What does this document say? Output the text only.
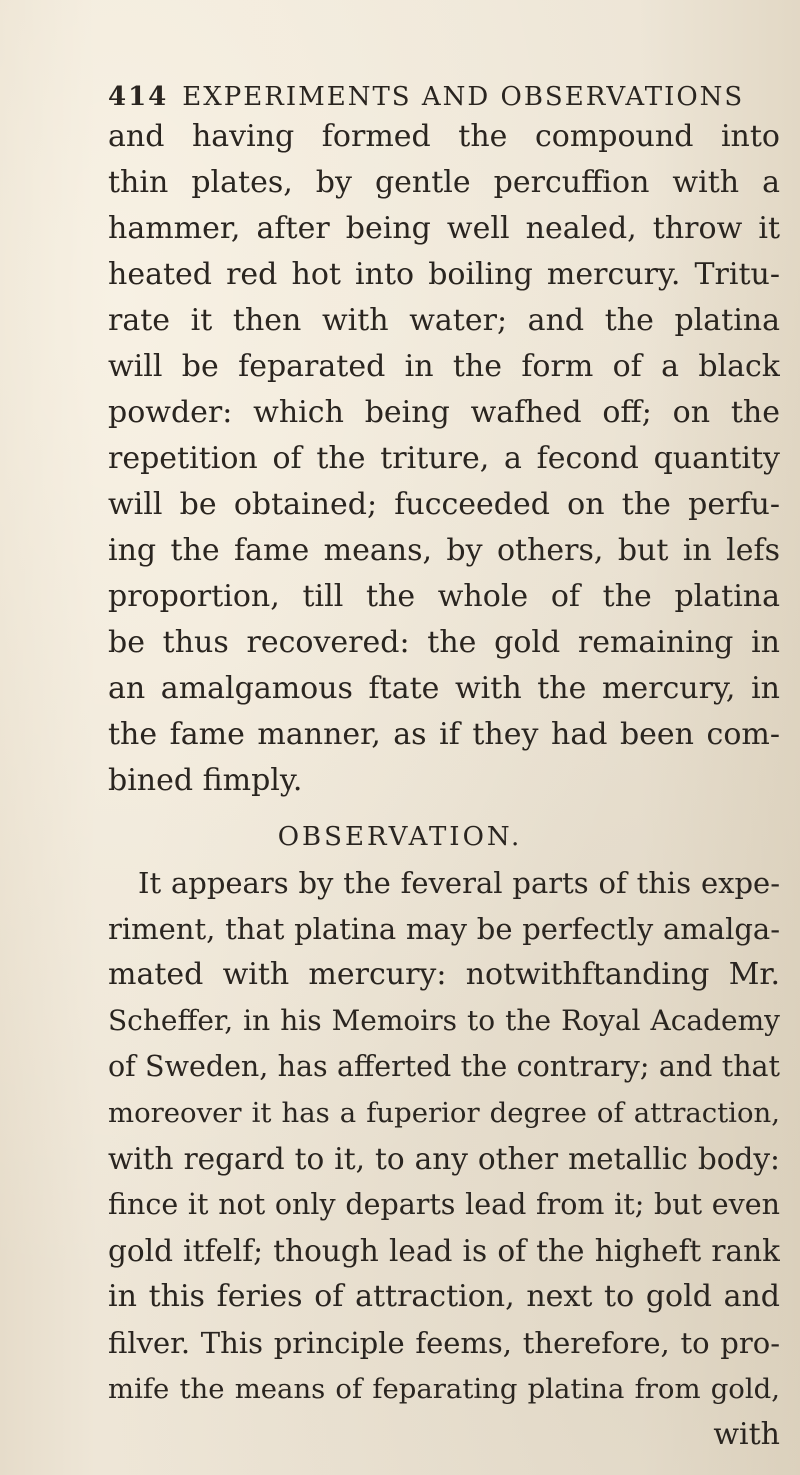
414 EXPERIMENTS AND OBSERVATIONS
and having formed the compound into
thin plates, by gentle percuffion with a
hammer, after being well nealed, throw it
heated red hot into boiling mercury. Tritu-
rate it then with water; and the platina
will be feparated in the form of a black
powder: which being wafhed off; on the
repetition of the triture, a fecond quantity
will be obtained; fucceeded on the perfu-
ing the fame means, by others, but in lefs
proportion, till the whole of the platina
be thus recovered: the gold remaining in
an amalgamous ftate with the mercury, in
the fame manner, as if they had been com-
bined fimply.
OBSERVATION.
It appears by the feveral parts of this expe-
riment, that platina may be perfectly amalga-
mated with mercury: notwithftanding Mr.
Scheffer, in his Memoirs to the Royal Academy
of Sweden, has afferted the contrary; and that
moreover it has a fuperior degree of attraction,
with regard to it, to any other metallic body:
fince it not only departs lead from it; but even
gold itfelf; though lead is of the higheft rank
in this feries of attraction, next to gold and
filver. This principle feems, therefore, to pro-
mife the means of feparating platina from gold,
with
